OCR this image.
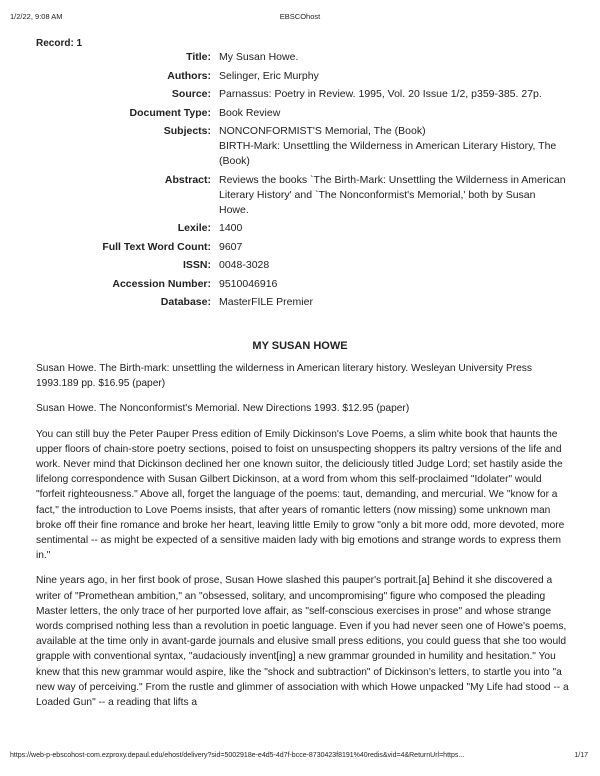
1/2/22, 9:08 AM	EBSCOhost
Record: 1
Title: My Susan Howe.
Authors: Selinger, Eric Murphy
Source: Parnassus: Poetry in Review. 1995, Vol. 20 Issue 1/2, p359-385. 27p.
Document Type: Book Review
Subjects: NONCONFORMIST'S Memorial, The (Book)
BIRTH-Mark: Unsettling the Wilderness in American Literary History, The (Book)
Abstract: Reviews the books `The Birth-Mark: Unsettling the Wilderness in American Literary History' and `The Nonconformist's Memorial,' both by Susan Howe.
Lexile: 1400
Full Text Word Count: 9607
ISSN: 0048-3028
Accession Number: 9510046916
Database: MasterFILE Premier
MY SUSAN HOWE

Susan Howe. The Birth-mark: unsettling the wilderness in American literary history. Wesleyan University Press 1993.189 pp. $16.95 (paper)

Susan Howe. The Nonconformist's Memorial. New Directions 1993. $12.95 (paper)

You can still buy the Peter Pauper Press edition of Emily Dickinson's Love Poems, a slim white book that haunts the upper floors of chain-store poetry sections, poised to foist on unsuspecting shoppers its paltry versions of the life and work. Never mind that Dickinson declined her one known suitor, the deliciously titled Judge Lord; set hastily aside the lifelong correspondence with Susan Gilbert Dickinson, at a word from whom this self-proclaimed "Idolater" would "forfeit righteousness." Above all, forget the language of the poems: taut, demanding, and mercurial. We "know for a fact," the introduction to Love Poems insists, that after years of romantic letters (now missing) some unknown man broke off their fine romance and broke her heart, leaving little Emily to grow "only a bit more odd, more devoted, more sentimental -- as might be expected of a sensitive maiden lady with big emotions and strange words to express them in."

Nine years ago, in her first book of prose, Susan Howe slashed this pauper's portrait.[a] Behind it she discovered a writer of "Promethean ambition," an "obsessed, solitary, and uncompromising" figure who composed the pleading Master letters, the only trace of her purported love affair, as "self-conscious exercises in prose" and whose strange words comprised nothing less than a revolution in poetic language. Even if you had never seen one of Howe's poems, available at the time only in avant-garde journals and elusive small press editions, you could guess that she too would grapple with conventional syntax, "audaciously invent[ing] a new grammar grounded in humility and hesitation." You knew that this new grammar would aspire, like the "shock and subtraction" of Dickinson's letters, to startle you into "a new way of perceiving." From the rustle and glimmer of association with which Howe unpacked "My Life had stood -- a Loaded Gun" -- a reading that lifts a

https://web-p-ebscohost-com.ezproxy.depaul.edu/ehost/delivery?sid=5002918e-e4d5-4d7f-bcce-8730423f8191%40redis&vid=4&ReturnUrl=https...	1/17
